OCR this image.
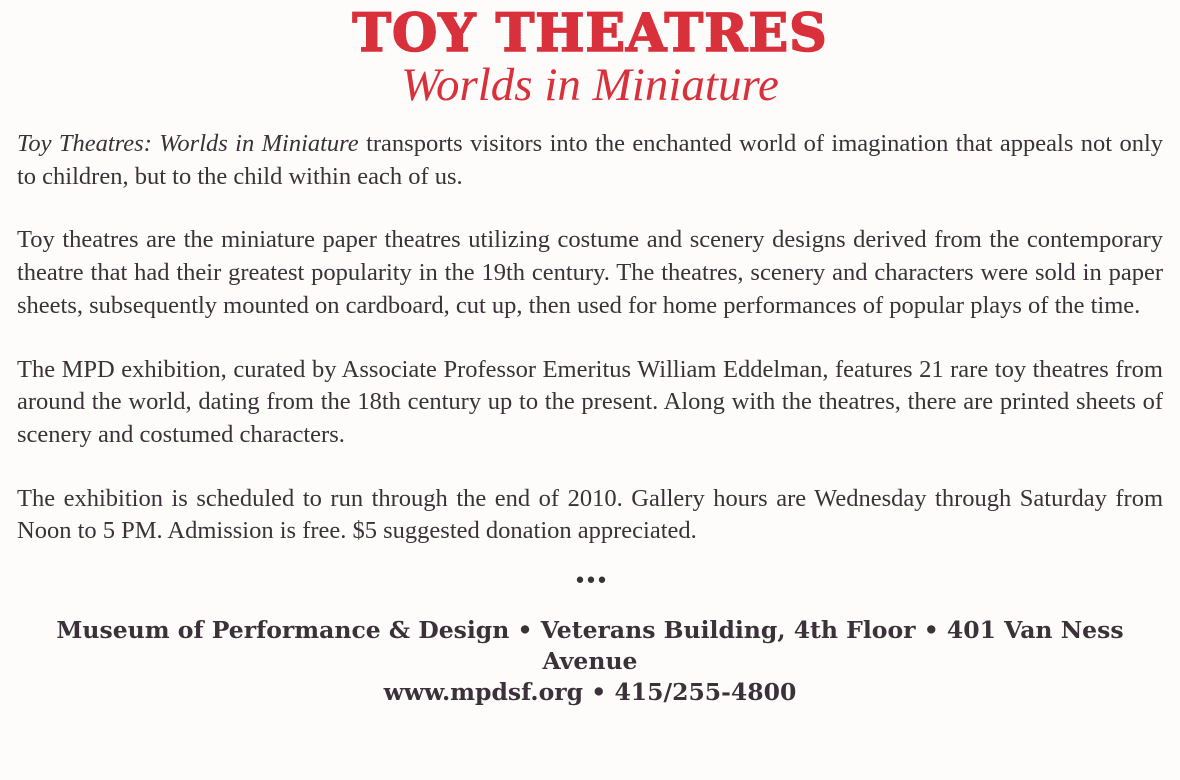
TOY THEATRES
Worlds in Miniature

Toy Theatres: Worlds in Miniature transports visitors into the enchanted world of imagination that appeals not only to children, but to the child within each of us.

Toy theatres are the miniature paper theatres utilizing costume and scenery designs derived from the contemporary theatre that had their greatest popularity in the 19th century. The theatres, scenery and characters were sold in paper sheets, subsequently mounted on cardboard, cut up, then used for home performances of popular plays of the time.

The MPD exhibition, curated by Associate Professor Emeritus William Eddelman, features 21 rare toy theatres from around the world, dating from the 18th century up to the present. Along with the theatres, there are printed sheets of scenery and costumed characters.

The exhibition is scheduled to run through the end of 2010. Gallery hours are Wednesday through Saturday from Noon to 5 PM. Admission is free. $5 suggested donation appreciated.

•••
Museum of Performance & Design • Veterans Building, 4th Floor • 401 Van Ness Avenue
www.mpdsf.org • 415/255-4800
